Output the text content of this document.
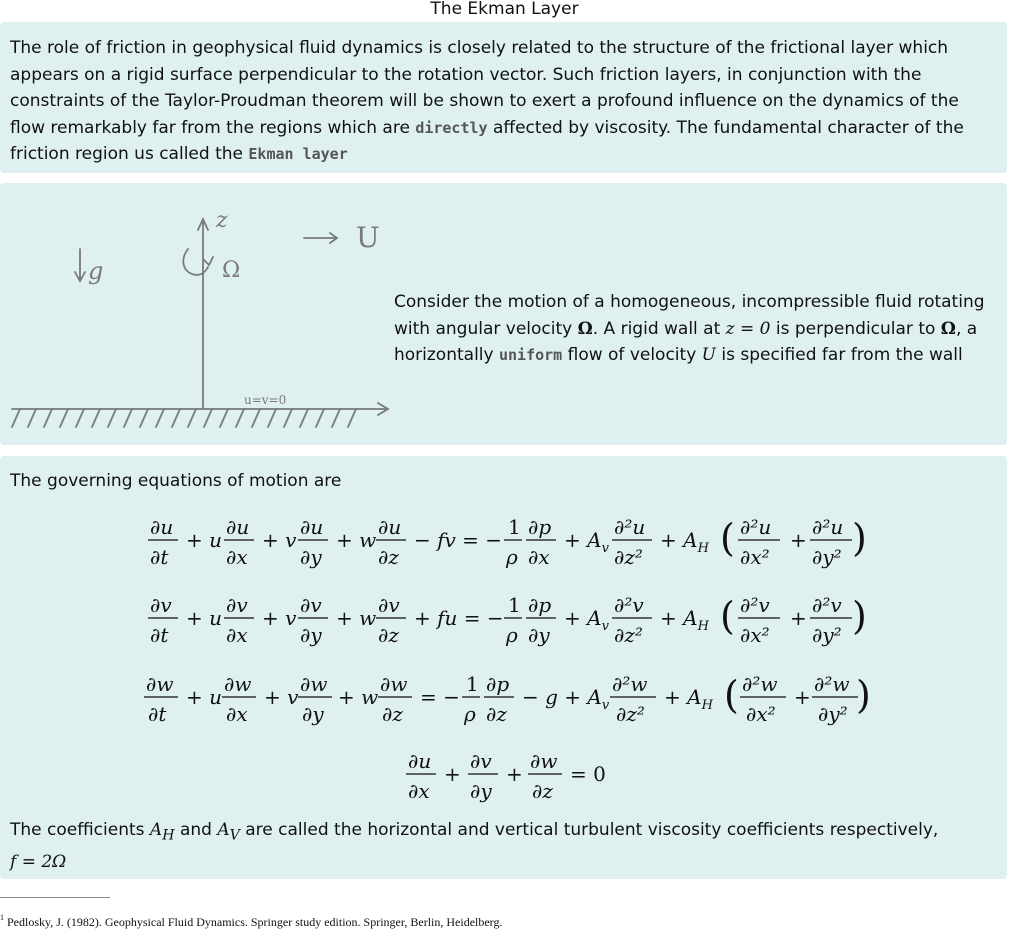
The Ekman Layer

The role of friction in geophysical fluid dynamics is closely related to the structure of the frictional layer which appears on a rigid surface perpendicular to the rotation vector. Such friction layers, in conjunction with the constraints of the Taylor-Proudman theorem will be shown to exert a profound influence on the dynamics of the flow remarkably far from the regions which are directly affected by viscosity. The fundamental character of the friction region us called the Ekman layer

z
Ω
g
U
u=v=0
Consider the motion of a homogeneous, incompressible fluid rotating with angular velocity Ω. A rigid wall at z = 0 is perpendicular to Ω, a horizontally uniform flow of velocity U is specified far from the wall

The governing equations of motion are

∂u
∂t
+ u
∂u
∂x
+ v
∂u
∂y
+ w
∂u
∂z
− fv = −
1
ρ
∂p
∂x
+ $A_v$
∂²u
∂z²
+ $A_H$ ( ∂²u
∂x²
+
∂²u
∂y² )
∂v
∂t
+ u
∂v
∂x
+ v
∂v
∂y
+ w
∂v
∂z
+ fu = −
1
ρ
∂p
∂y
+ $A_v$
∂²v
∂z²
+ $A_H$ ( ∂²v
∂x²
+
∂²v
∂y² )
∂w
∂t
+ u
∂w
∂x
+ v
∂w
∂y
+ w
∂w
∂z
= −
1
ρ
∂p
∂z
− $g + A_v$
∂²w
∂z²
+ $A_H$ ( ∂²w
∂x²
+
∂²w
∂y² )
∂u
∂x
+
∂v
∂y
+
∂w
∂z
= 0
The coefficients $A_H$ and $A_V$ are called the horizontal and vertical turbulent viscosity coefficients respectively,
f = 2Ω
$^1$ Pedlosky, J. (1982). Geophysical Fluid Dynamics. Springer study edition. Springer, Berlin, Heidelberg.
